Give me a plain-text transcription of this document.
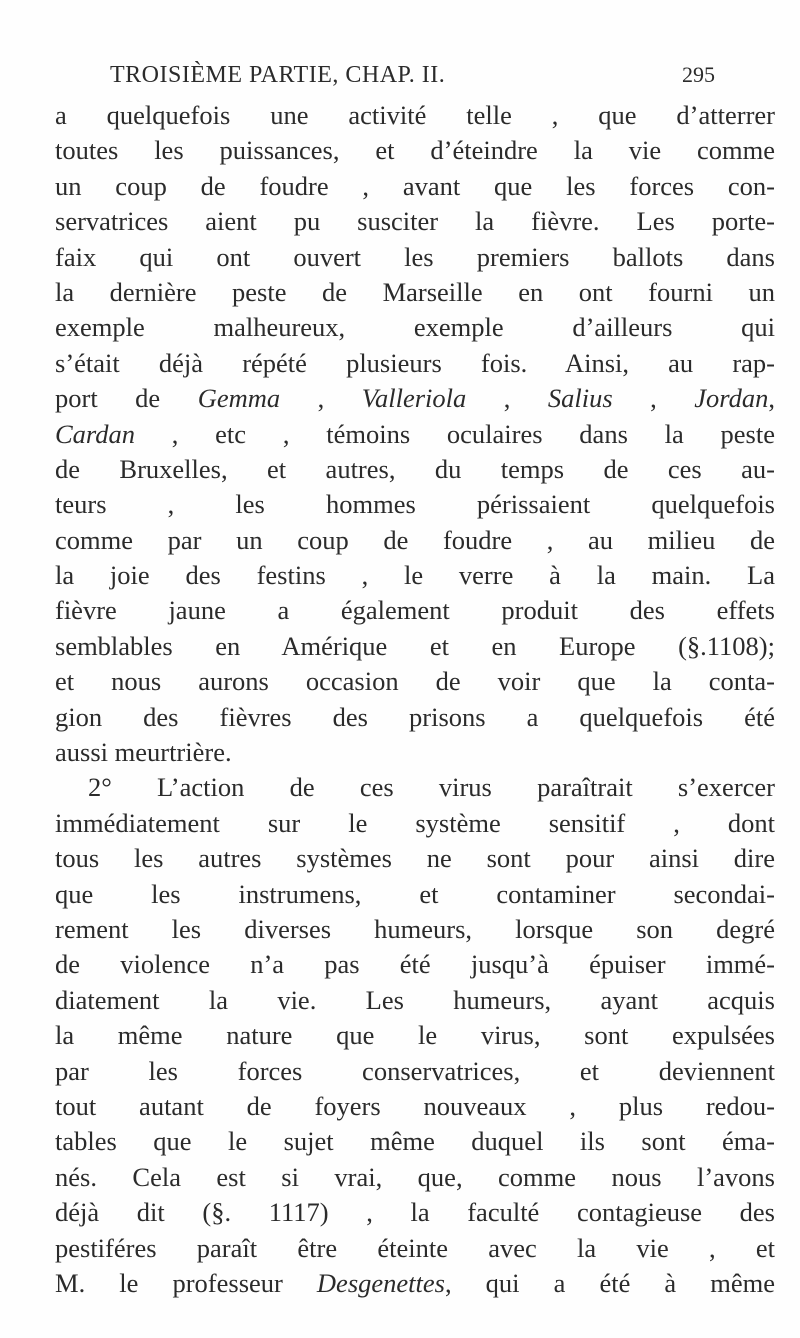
TROISIÈME PARTIE, CHAP. II.	295
a quelquefois une activité telle , que d’atterrer
toutes les puissances, et d’éteindre la vie comme
un coup de foudre , avant que les forces con-
servatrices aient pu susciter la fièvre. Les porte-
faix qui ont ouvert les premiers ballots dans
la dernière peste de Marseille en ont fourni un
exemple malheureux, exemple d’ailleurs qui
s’était déjà répété plusieurs fois. Ainsi, au rap-
port de Gemma , Valleriola , Salius , Jordan,
Cardan , etc , témoins oculaires dans la peste
de Bruxelles, et autres, du temps de ces au-
teurs , les hommes périssaient quelquefois
comme par un coup de foudre , au milieu de
la joie des festins , le verre à la main. La
fièvre jaune a également produit des effets
semblables en Amérique et en Europe (§.1108);
et nous aurons occasion de voir que la conta-
gion des fièvres des prisons a quelquefois été
aussi meurtrière.
2° L’action de ces virus paraîtrait s’exercer
immédiatement sur le système sensitif , dont
tous les autres systèmes ne sont pour ainsi dire
que les instrumens, et contaminer secondai-
rement les diverses humeurs, lorsque son degré
de violence n’a pas été jusqu’à épuiser immé-
diatement la vie. Les humeurs, ayant acquis
la même nature que le virus, sont expulsées
par les forces conservatrices, et deviennent
tout autant de foyers nouveaux , plus redou-
tables que le sujet même duquel ils sont éma-
nés. Cela est si vrai, que, comme nous l’avons
déjà dit (§. 1117) , la faculté contagieuse des
pestiféres paraît être éteinte avec la vie , et
M. le professeur Desgenettes, qui a été à même
